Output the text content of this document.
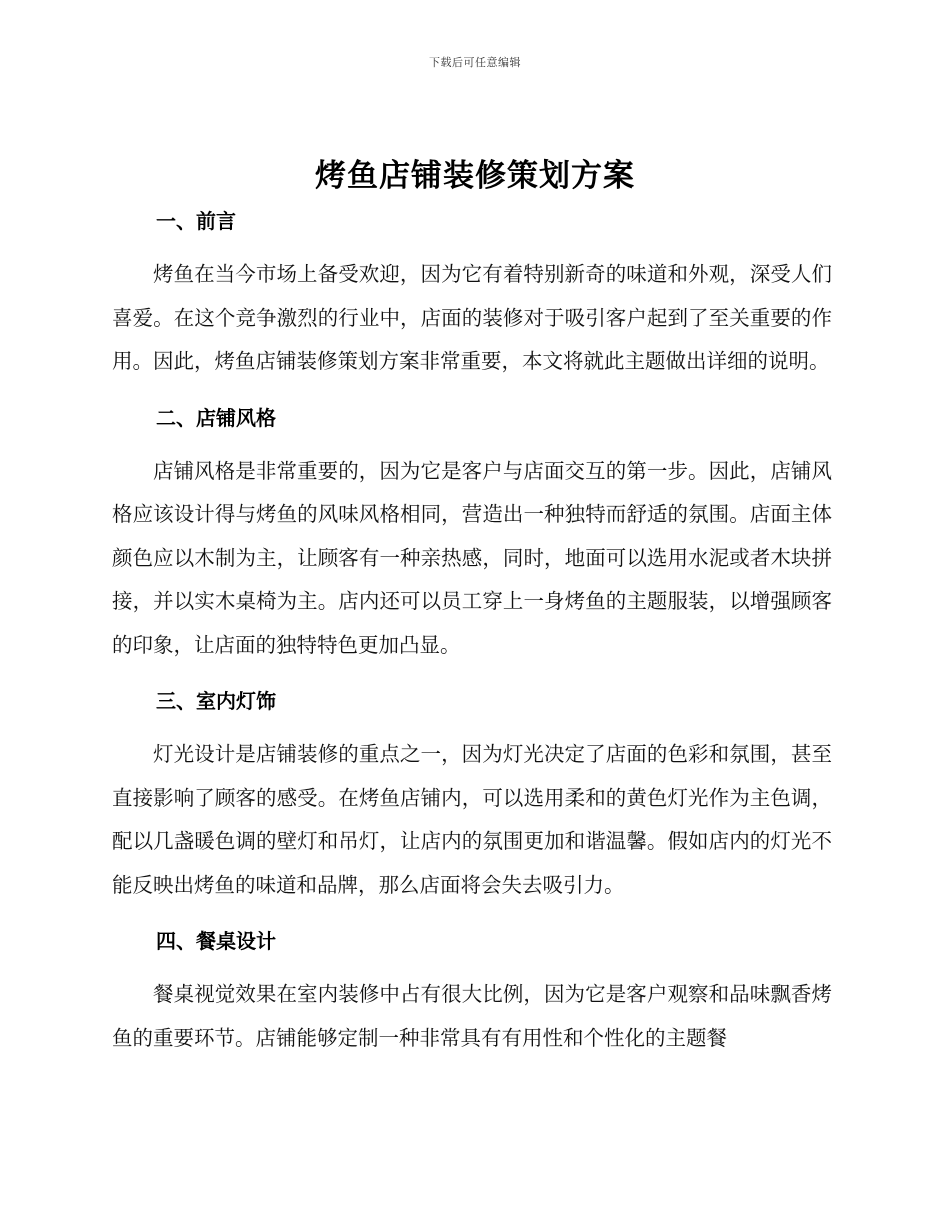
下载后可任意编辑
烤鱼店铺装修策划方案
一、前言

烤鱼在当今市场上备受欢迎，因为它有着特别新奇的味道和外观，深受人们喜爱。在这个竞争激烈的行业中，店面的装修对于吸引客户起到了至关重要的作用。因此，烤鱼店铺装修策划方案非常重要，本文将就此主题做出详细的说明。

二、店铺风格

店铺风格是非常重要的，因为它是客户与店面交互的第一步。因此，店铺风格应该设计得与烤鱼的风味风格相同，营造出一种独特而舒适的氛围。店面主体颜色应以木制为主，让顾客有一种亲热感，同时，地面可以选用水泥或者木块拼接，并以实木桌椅为主。店内还可以员工穿上一身烤鱼的主题服装，以增强顾客的印象，让店面的独特特色更加凸显。

三、室内灯饰

灯光设计是店铺装修的重点之一，因为灯光决定了店面的色彩和氛围，甚至直接影响了顾客的感受。在烤鱼店铺内，可以选用柔和的黄色灯光作为主色调，配以几盏暖色调的壁灯和吊灯，让店内的氛围更加和谐温馨。假如店内的灯光不能反映出烤鱼的味道和品牌，那么店面将会失去吸引力。

四、餐桌设计

餐桌视觉效果在室内装修中占有很大比例，因为它是客户观察和品味飘香烤鱼的重要环节。店铺能够定制一种非常具有有用性和个性化的主题餐
